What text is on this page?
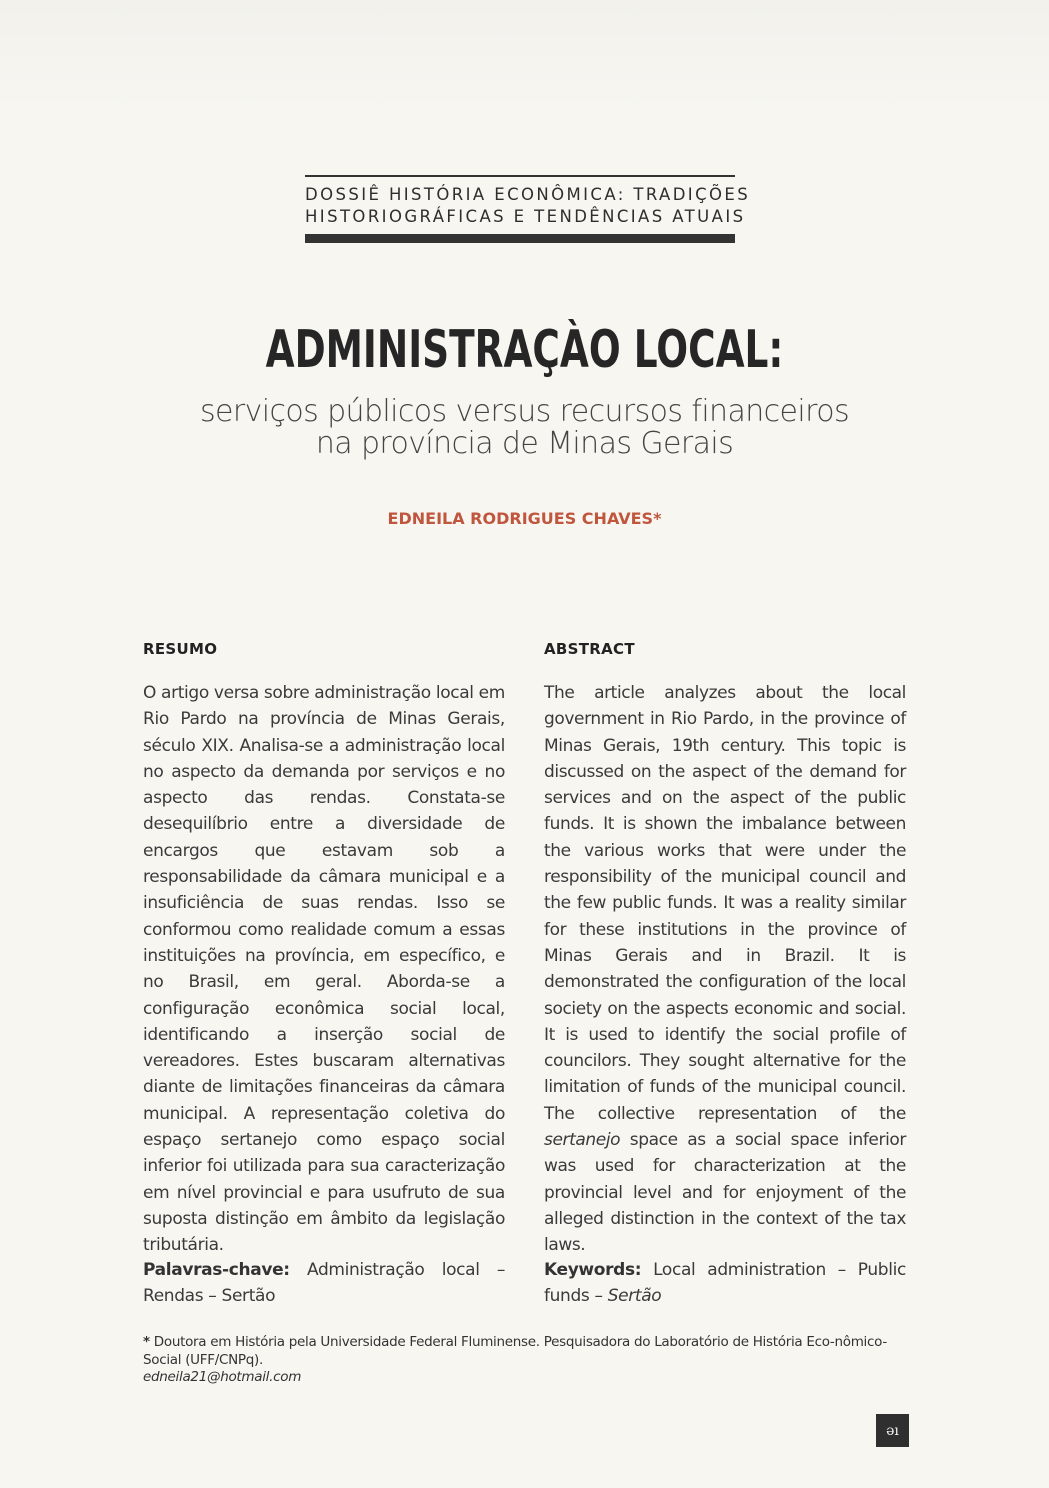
DOSSIÊ HISTÓRIA ECONÔMICA: TRADIÇÕES
HISTORIOGRÁFICAS E TENDÊNCIAS ATUAIS
ADMINISTRAÇÀO LOCAL:
serviços públicos versus recursos financeiros
na província de Minas Gerais
EDNEILA RODRIGUES CHAVES*
RESUMO
O artigo versa sobre administração local em Rio Pardo na província de Minas Gerais, século XIX. Analisa-se a administração local no aspecto da demanda por serviços e no aspecto das rendas. Constata-se desequilíbrio entre a diversidade de encargos que estavam sob a responsabilidade da câmara municipal e a insuficiência de suas rendas. Isso se conformou como realidade comum a essas instituições na província, em específico, e no Brasil, em geral. Aborda-se a configuração econômica social local, identificando a inserção social de vereadores. Estes buscaram alternativas diante de limitações financeiras da câmara municipal. A representação coletiva do espaço sertanejo como espaço social inferior foi utilizada para sua caracterização em nível provincial e para usufruto de sua suposta distinção em âmbito da legislação tributária.
ABSTRACT
The article analyzes about the local government in Rio Pardo, in the province of Minas Gerais, 19th century. This topic is discussed on the aspect of the demand for services and on the aspect of the public funds. It is shown the imbalance between the various works that were under the responsibility of the municipal council and the few public funds. It was a reality similar for these institutions in the province of Minas Gerais and in Brazil. It is demonstrated the configuration of the local society on the aspects economic and social. It is used to identify the social profile of councilors. They sought alternative for the limitation of funds of the municipal council. The collective representation of the sertanejo space as a social space inferior was used for characterization at the provincial level and for enjoyment of the alleged distinction in the context of the tax laws.
Palavras-chave: Administração local – Rendas – Sertão
Keywords: Local administration – Public funds – Sertão
* Doutora em História pela Universidade Federal Fluminense. Pesquisadora do Laboratório de História Eco-nômico-Social (UFF/CNPq).
edneila21@hotmail.com
ǝı
